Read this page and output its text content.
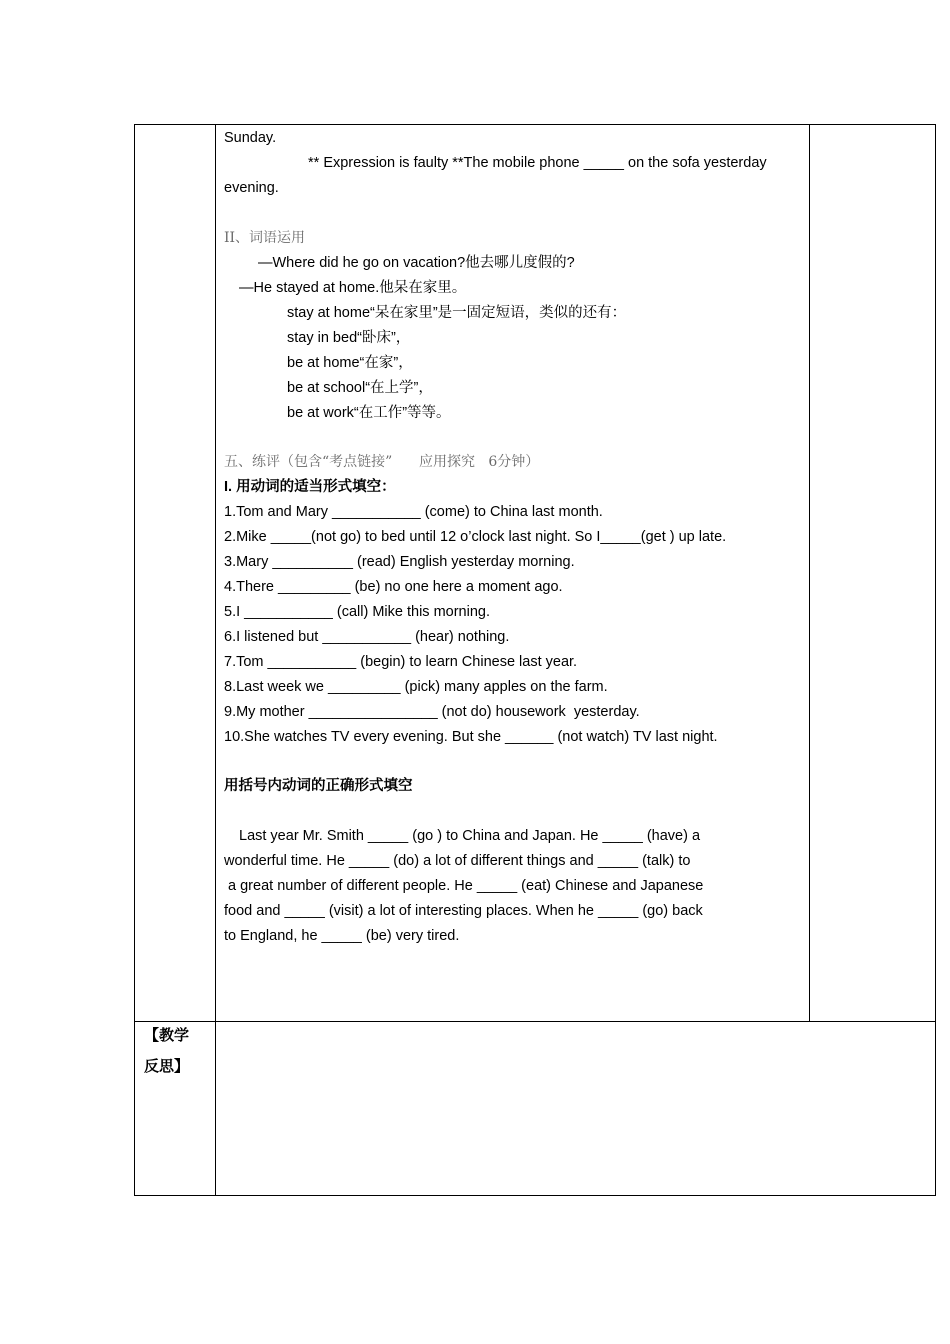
Sunday.
** Expression is faulty **The mobile phone _____ on the sofa yesterday
evening.
II、词语运用
—Where did he go on vacation?他去哪儿度假的?
—He stayed at home.他呆在家里。
stay at home“呆在家里”是一固定短语，类似的还有：
stay in bed“卧床”，
be at home“在家”，
be at school“在上学”，
be at work“在工作”等等。
五、练评（包含“考点链接”      应用探究   6分钟）
I. 用动词的适当形式填空：
1.Tom and Mary ___________ (come) to China last month.
2.Mike _____(not go) to bed until 12 o’clock last night. So I_____(get ) up late.
3.Mary __________ (read) English yesterday morning.
4.There _________ (be) no one here a moment ago.
5.I ___________ (call) Mike this morning.
6.I listened but ___________ (hear) nothing.
7.Tom ___________ (begin) to learn Chinese last year.
8.Last week we _________ (pick) many apples on the farm.
9.My mother ________________ (not do) housework  yesterday.
10.She watches TV every evening. But she ______ (not watch) TV last night.
用括号内动词的正确形式填空
Last year Mr. Smith _____ (go ) to China and Japan. He _____ (have) a
wonderful time. He _____ (do) a lot of different things and _____ (talk) to
a great number of different people. He _____ (eat) Chinese and Japanese
food and _____ (visit) a lot of interesting places. When he _____ (go) back
to England, he _____ (be) very tired.
【教学
反思】
